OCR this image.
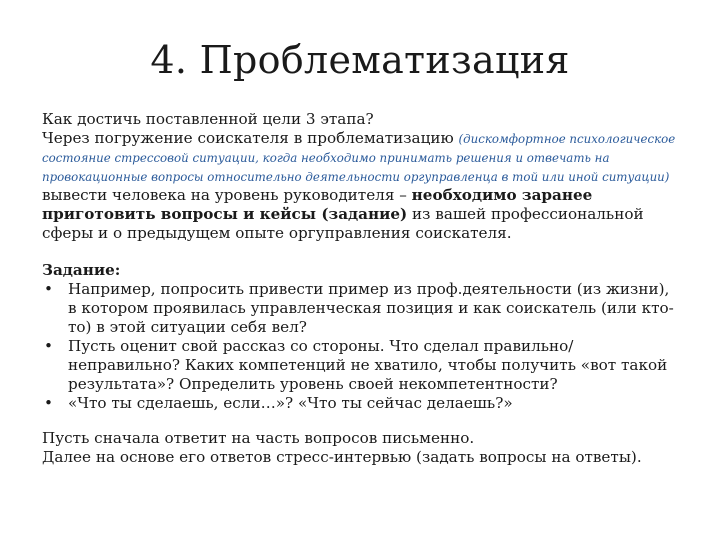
4. Проблематизация
Как достичь поставленной цели 3 этапа?
Через погружение соискателя в проблематизацию (дискомфортное психологическое состояние стрессовой ситуации, когда необходимо принимать решения и отвечать на провокационные вопросы относительно деятельности оргуправленца в той или иной ситуации) вывести человека на уровень руководителя – необходимо заранее приготовить вопросы и кейсы (задание) из вашей профессиональной сферы и о предыдущем опыте оргуправления соискателя.
Задание:
• Например, попросить привести пример из проф.деятельности (из жизни), в котором проявилась управленческая позиция и как соискатель (или кто-то) в этой ситуации себя вел?
• Пусть оценит свой рассказ со стороны. Что сделал правильно/неправильно? Каких компетенций не хватило, чтобы получить «вот такой результата»? Определить уровень своей некомпетентности?
• «Что ты сделаешь, если…»? «Что ты сейчас делаешь?»
Пусть сначала ответит на часть вопросов письменно.
Далее на основе его ответов стресс-интервью (задать вопросы на ответы).
